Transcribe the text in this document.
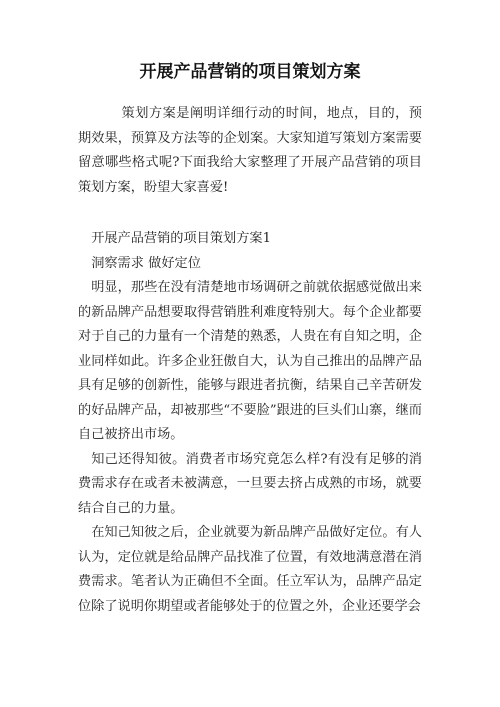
开展产品营销的项目策划方案

策划方案是阐明详细行动的时间，地点，目的，预期效果，预算及方法等的企划案。大家知道写策划方案需要留意哪些格式呢?下面我给大家整理了开展产品营销的项目策划方案，盼望大家喜爱!

开展产品营销的项目策划方案1

洞察需求 做好定位

明显，那些在没有清楚地市场调研之前就依据感觉做出来的新品牌产品想要取得营销胜利难度特别大。每个企业都要对于自己的力量有一个清楚的熟悉，人贵在有自知之明，企业同样如此。许多企业狂傲自大，认为自己推出的品牌产品具有足够的创新性，能够与跟进者抗衡，结果自己辛苦研发的好品牌产品，却被那些“不要脸”跟进的巨头们山寨，继而自己被挤出市场。

知己还得知彼。消费者市场究竟怎么样?有没有足够的消费需求存在或者未被满意，一旦要去挤占成熟的市场，就要结合自己的力量。

在知己知彼之后，企业就要为新品牌产品做好定位。有人认为，定位就是给品牌产品找准了位置，有效地满意潜在消费需求。笔者认为正确但不全面。任立军认为，品牌产品定位除了说明你期望或者能够处于的位置之外，企业还要学会
